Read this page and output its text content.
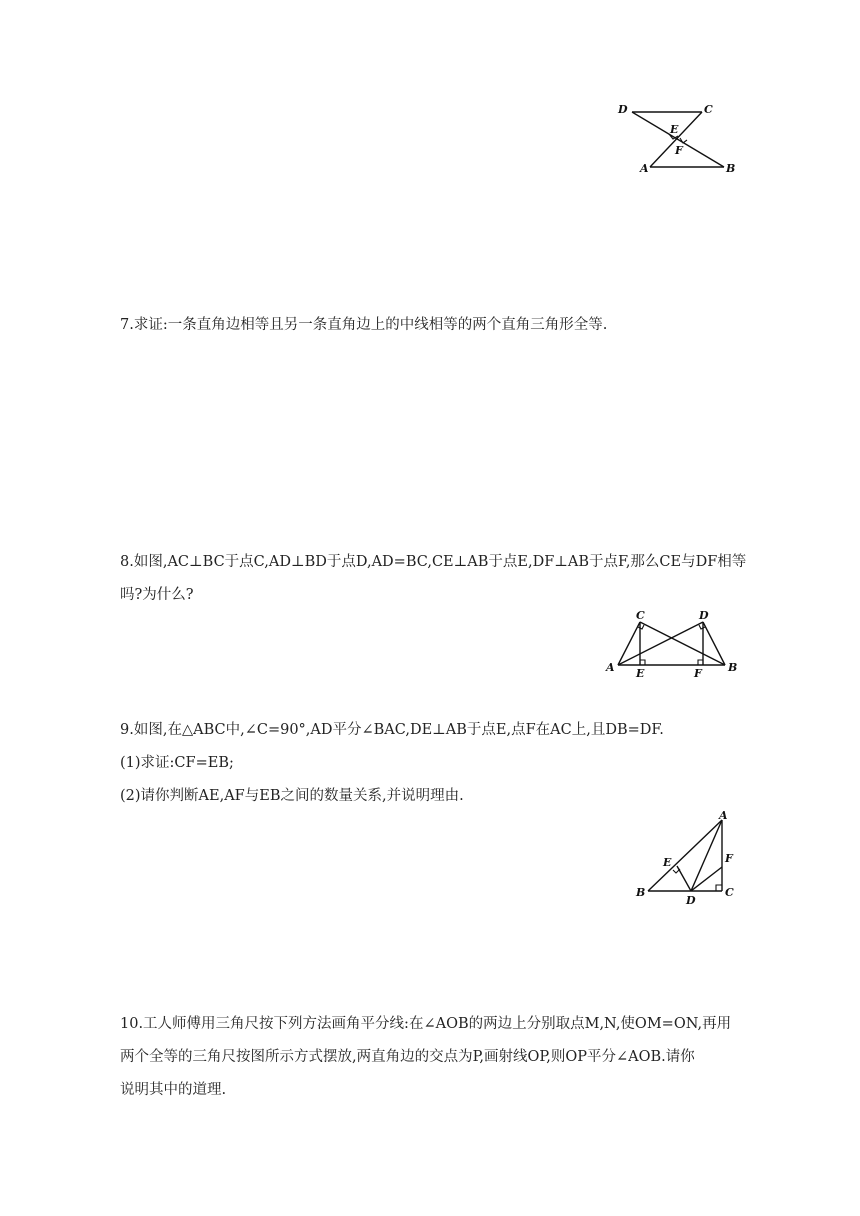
D	C
E
F
A	B
7.求证:一条直角边相等且另一条直角边上的中线相等的两个直角三角形全等.
8.如图,AC⊥BC于点C,AD⊥BD于点D,AD=BC,CE⊥AB于点E,DF⊥AB于点F,那么CE与DF相等
吗?为什么?
C	D
A E	F B
9.如图,在△ABC中,∠C=90°,AD平分∠BAC,DE⊥AB于点E,点F在AC上,且DB=DF.
(1)求证:CF=EB;
(2)请你判断AE,AF与EB之间的数量关系,并说明理由.
A
E	F
B
D
C
10.工人师傅用三角尺按下列方法画角平分线:在∠AOB的两边上分别取点M,N,使OM=ON,再用
两个全等的三角尺按图所示方式摆放,两直角边的交点为P,画射线OP,则OP平分∠AOB.请你
说明其中的道理.
